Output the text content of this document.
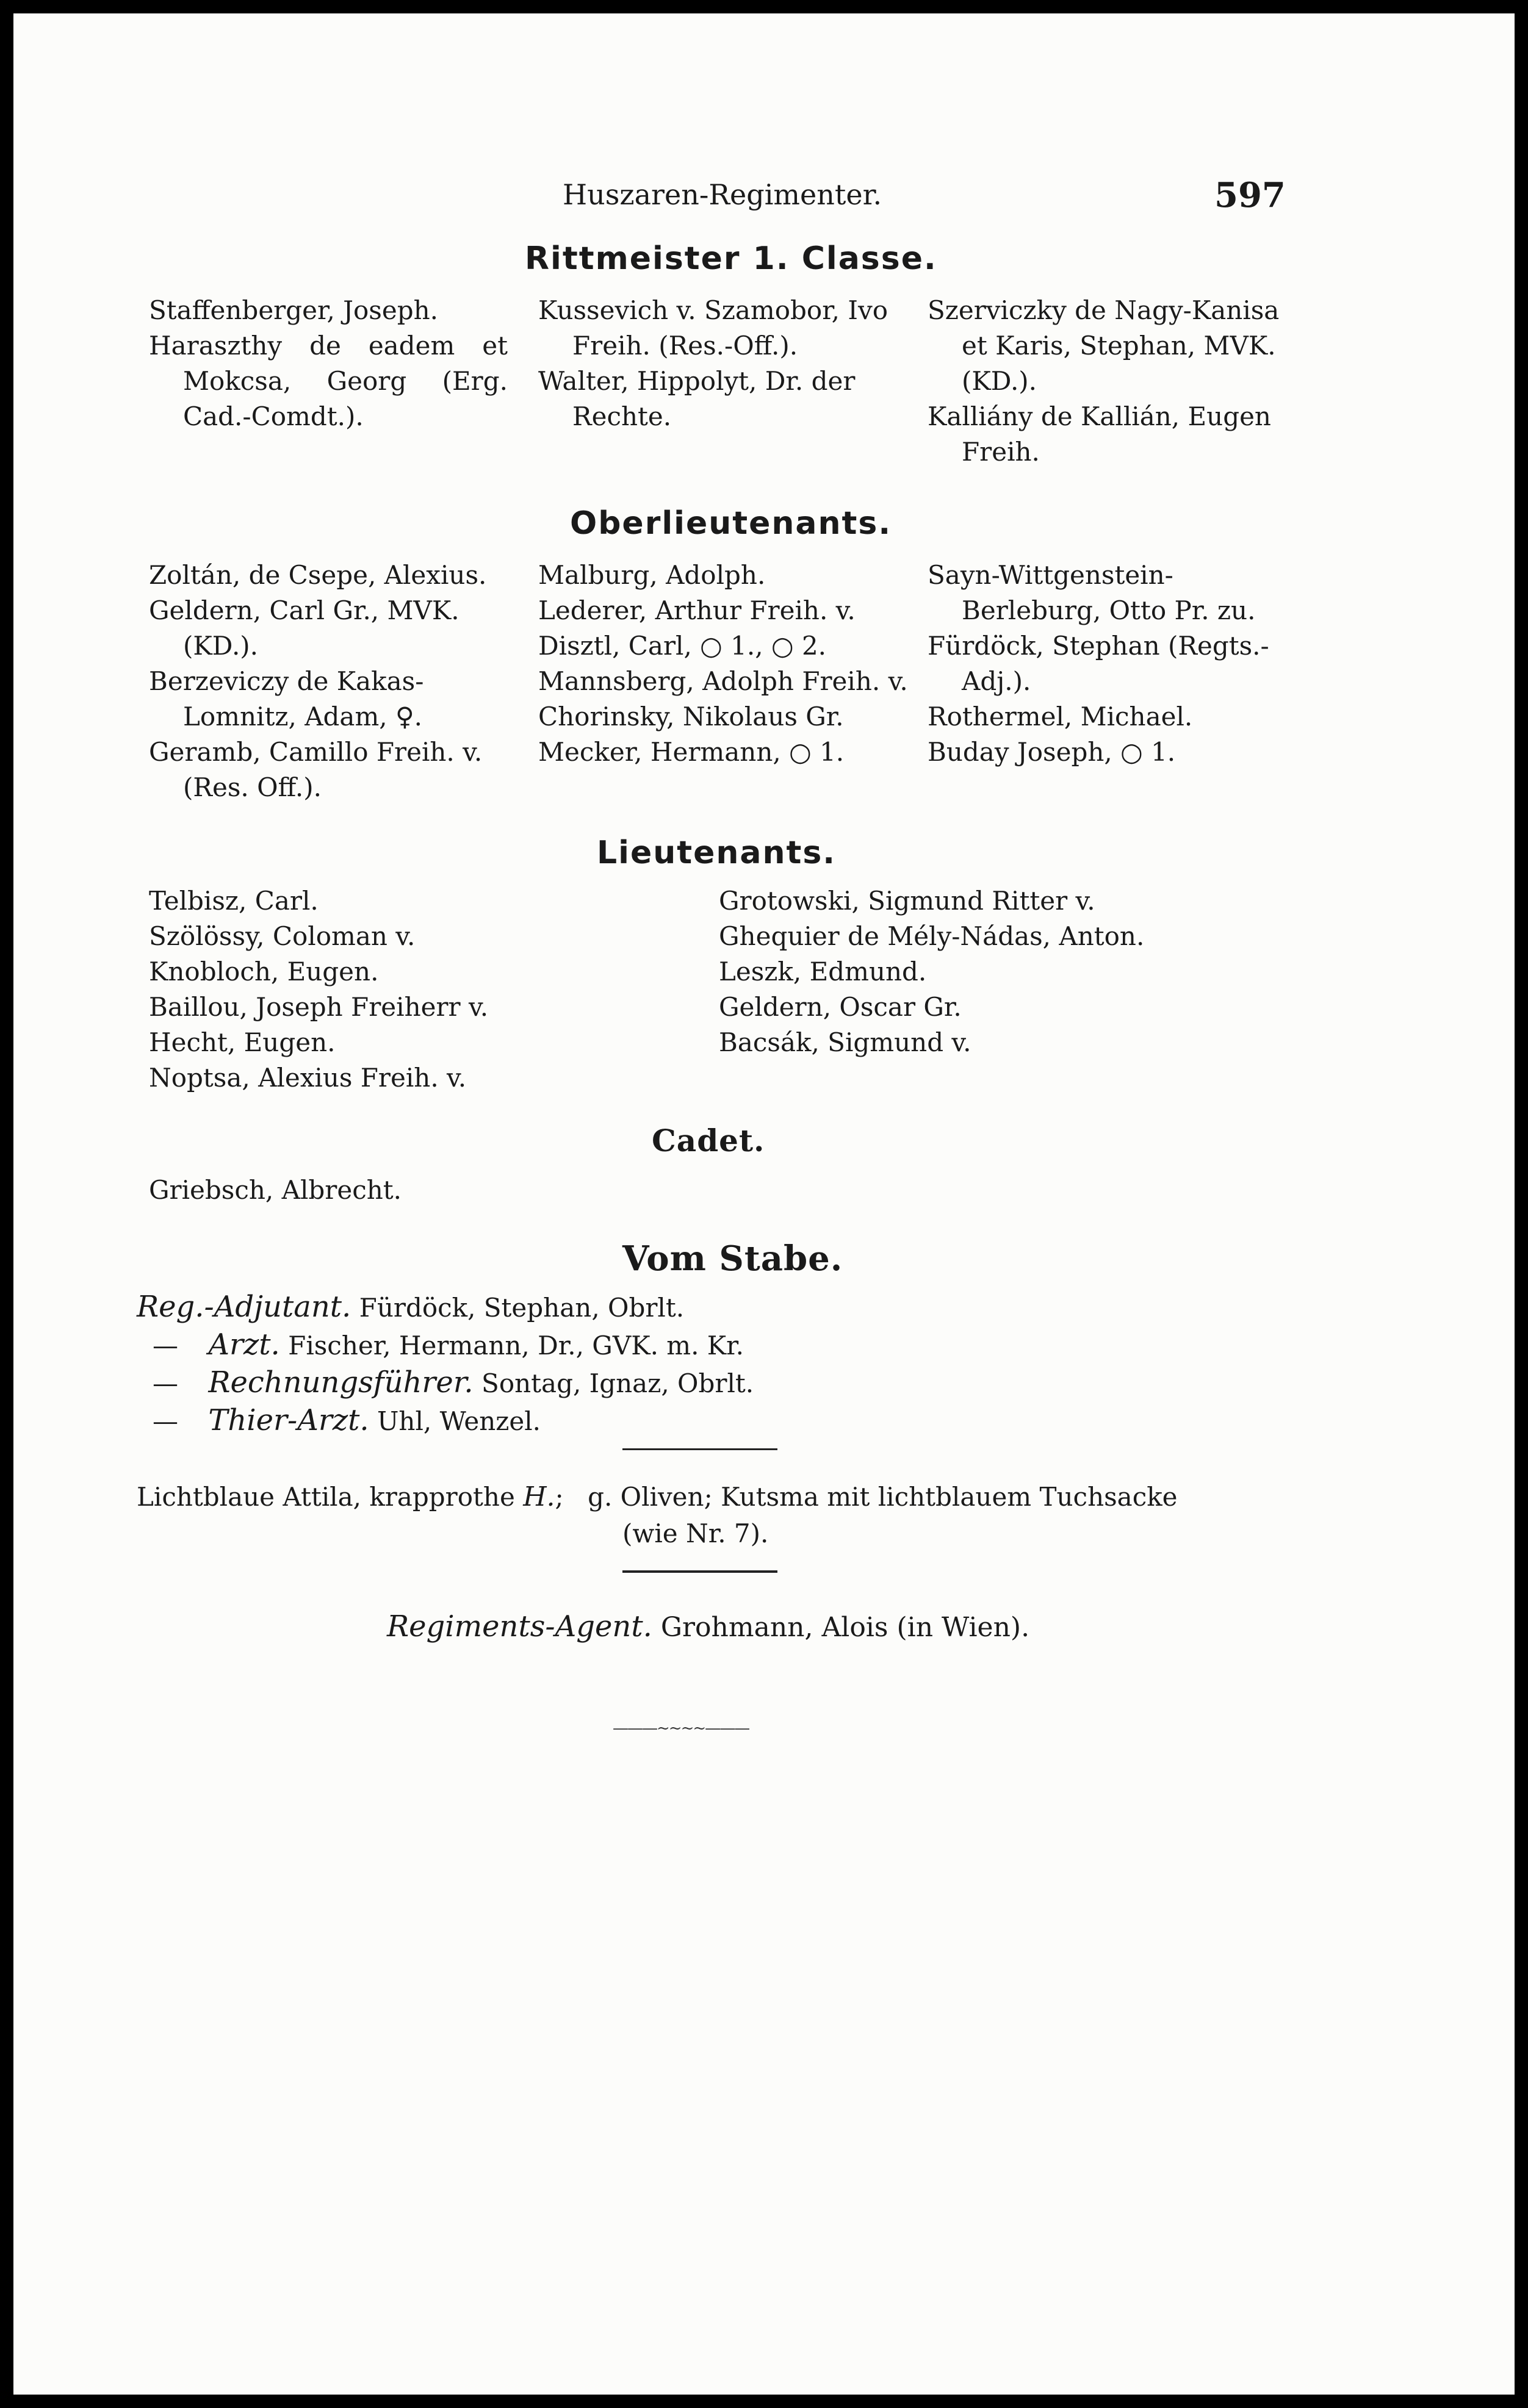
Huszaren-Regimenter.	597
Rittmeister 1. Classe.
Staffenberger, Joseph.
Haraszthy de eadem et Mokcsa, Georg (Erg. Cad.-Comdt.).
Kussevich v. Szamobor, Ivo Freih. (Res.-Off.).
Walter, Hippolyt, Dr. der Rechte.
Szerviczky de Nagy-Kanisa et Karis, Stephan, MVK. (KD.).
Kalliány de Kallián, Eugen Freih.
Oberlieutenants.
Zoltán, de Csepe, Alexius.
Geldern, Carl Gr., MVK. (KD.).
Berzeviczy de Kakas-Lomnitz, Adam, ♀.
Geramb, Camillo Freih. v. (Res. Off.).
Malburg, Adolph.
Lederer, Arthur Freih. v.
Disztl, Carl, ○ 1., ○ 2.
Mannsberg, Adolph Freih. v.
Chorinsky, Nikolaus Gr.
Mecker, Hermann, ○ 1.
Sayn-Wittgenstein-Berleburg, Otto Pr. zu.
Fürdöck, Stephan (Regts.-Adj.).
Rothermel, Michael.
Buday Joseph, ○ 1.
Lieutenants.
Telbisz, Carl.
Szölössy, Coloman v.
Knobloch, Eugen.
Baillou, Joseph Freiherr v.
Hecht, Eugen.
Noptsa, Alexius Freih. v.
Grotowski, Sigmund Ritter v.
Ghequier de Mély-Nádas, Anton.
Leszk, Edmund.
Geldern, Oscar Gr.
Bacsák, Sigmund v.
Cadet.
Griebsch, Albrecht.
Vom Stabe.
Reg.-Adjutant. Fürdöck, Stephan, Obrlt.
— Arzt. Fischer, Hermann, Dr., GVK. m. Kr.
— Rechnungsführer. Sontag, Ignaz, Obrlt.
— Thier-Arzt. Uhl, Wenzel.
Lichtblaue Attila, krapprothe H.; g. Oliven; Kutsma mit lichtblauem Tuchsacke
(wie Nr. 7).
Regiments-Agent. Grohmann, Alois (in Wien).
———~~~~———
